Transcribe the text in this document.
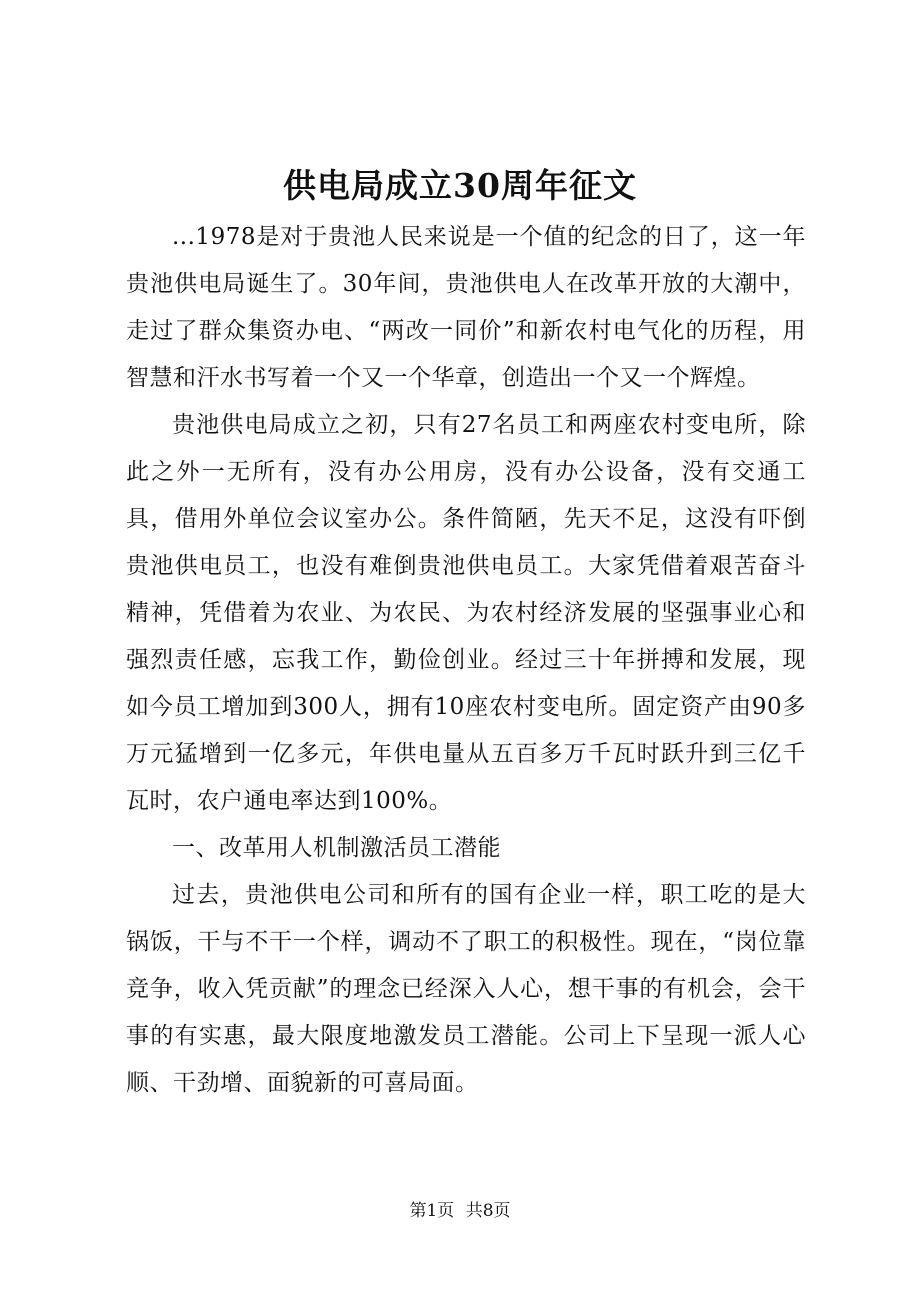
供电局成立30周年征文

...1978是对于贵池人民来说是一个值的纪念的日了，这一年贵池供电局诞生了。30年间，贵池供电人在改革开放的大潮中，走过了群众集资办电、“两改一同价”和新农村电气化的历程，用智慧和汗水书写着一个又一个华章，创造出一个又一个辉煌。

贵池供电局成立之初，只有27名员工和两座农村变电所，除此之外一无所有，没有办公用房，没有办公设备，没有交通工具，借用外单位会议室办公。条件简陋，先天不足，这没有吓倒贵池供电员工，也没有难倒贵池供电员工。大家凭借着艰苦奋斗精神，凭借着为农业、为农民、为农村经济发展的坚强事业心和强烈责任感，忘我工作，勤俭创业。经过三十年拼搏和发展，现如今员工增加到300人，拥有10座农村变电所。固定资产由90多万元猛增到一亿多元，年供电量从五百多万千瓦时跃升到三亿千瓦时，农户通电率达到100%。

一、改革用人机制激活员工潜能

过去，贵池供电公司和所有的国有企业一样，职工吃的是大锅饭，干与不干一个样，调动不了职工的积极性。现在，“岗位靠竞争，收入凭贡献”的理念已经深入人心，想干事的有机会，会干事的有实惠，最大限度地激发员工潜能。公司上下呈现一派人心顺、干劲增、面貌新的可喜局面。

第1页 共8页
